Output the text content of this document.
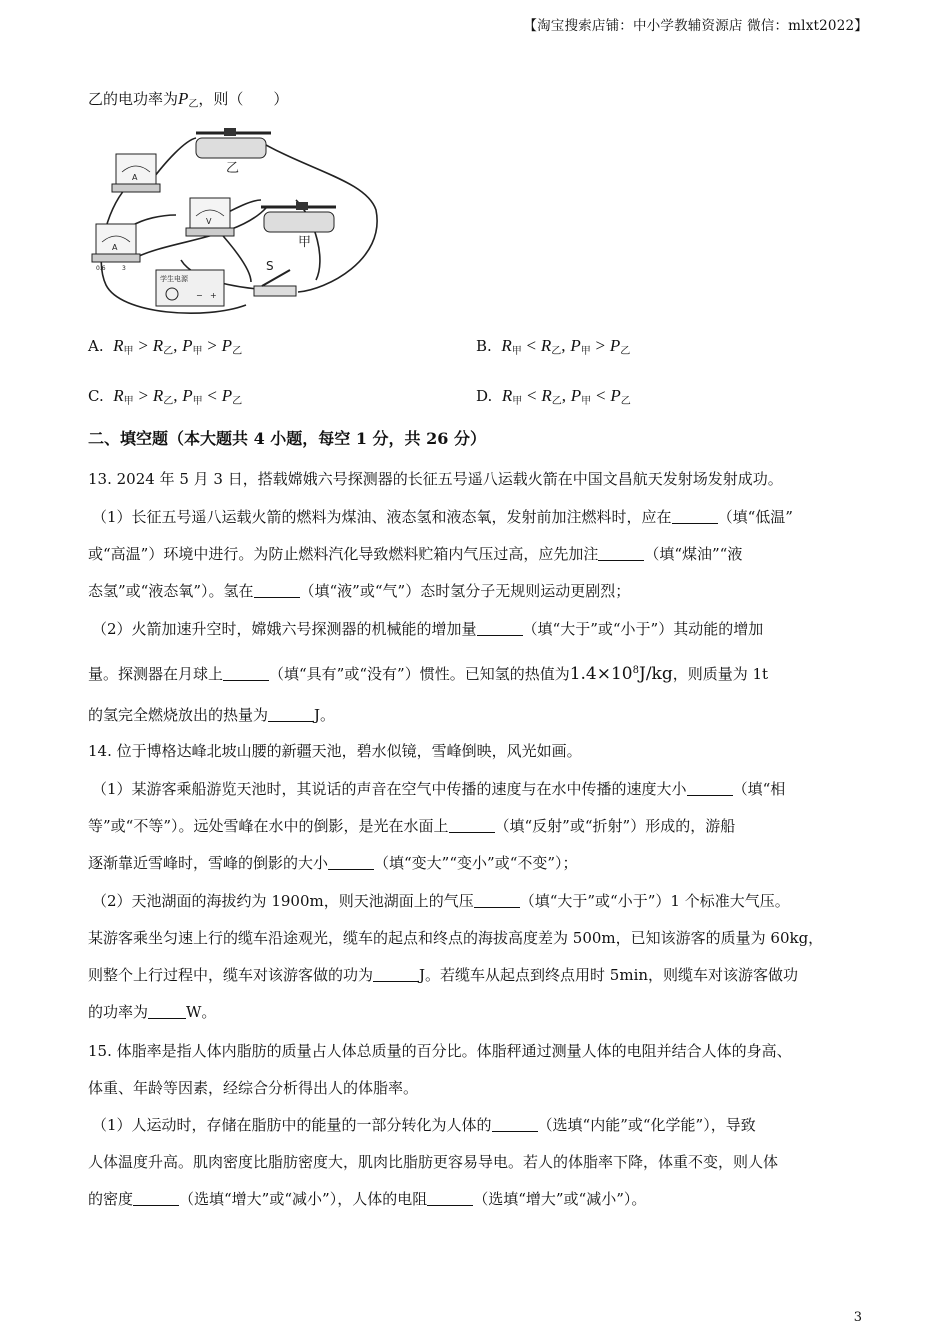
【淘宝搜索店铺：中小学教辅资源店 微信：mlxt2022】
乙的电功率为$P_乙$，则（　　）
乙
甲
A
V
A
0.6	3
学生电源
− +
S
A. $R_甲 > R_乙$, $P_甲 > P_乙$	B. $R_甲 < R_乙$, $P_甲 > P_乙$
C. $R_甲 > R_乙$, $P_甲 < P_乙$	D. $R_甲 < R_乙$, $P_甲 < P_乙$
二、填空题（本大题共 4 小题，每空 1 分，共 26 分）
13. 2024 年 5 月 3 日，搭载嫦娥六号探测器的长征五号遥八运载火箭在中国文昌航天发射场发射成功。
（1）长征五号遥八运载火箭的燃料为煤油、液态氢和液态氧，发射前加注燃料时，应在	（填“低温”
或“高温”）环境中进行。为防止燃料汽化导致燃料贮箱内气压过高，应先加注	（填“煤油”“液
态氢”或“液态氧”）。氢在	（填“液”或“气”）态时氢分子无规则运动更剧烈；
（2）火箭加速升空时，嫦娥六号探测器的机械能的增加量	（填“大于”或“小于”）其动能的增加
量。探测器在月球上	（填“具有”或“没有”）惯性。已知氢的热值为$1.4\times 10^8J/kg$，则质量为 1t
的氢完全燃烧放出的热量为	J。
14. 位于博格达峰北坡山腰的新疆天池，碧水似镜，雪峰倒映，风光如画。
（1）某游客乘船游览天池时，其说话的声音在空气中传播的速度与在水中传播的速度大小	（填“相
等”或“不等”）。远处雪峰在水中的倒影，是光在水面上	（填“反射”或“折射”）形成的，游船
逐渐靠近雪峰时，雪峰的倒影的大小	（填“变大”“变小”或“不变”）；
（2）天池湖面的海拔约为 1900m，则天池湖面上的气压	（填“大于”或“小于”）1 个标准大气压。
某游客乘坐匀速上行的缆车沿途观光，缆车的起点和终点的海拔高度差为 500m，已知该游客的质量为 60kg，
则整个上行过程中，缆车对该游客做的功为	J。若缆车从起点到终点用时 5min，则缆车对该游客做功
的功率为	W。
15. 体脂率是指人体内脂肪的质量占人体总质量的百分比。体脂秤通过测量人体的电阻并结合人体的身高、
体重、年龄等因素，经综合分析得出人的体脂率。
（1）人运动时，存储在脂肪中的能量的一部分转化为人体的	（选填“内能”或“化学能”），导致
人体温度升高。肌肉密度比脂肪密度大，肌肉比脂肪更容易导电。若人的体脂率下降，体重不变，则人体
的密度	（选填“增大”或“减小”），人体的电阻	（选填“增大”或“减小”）。
3
